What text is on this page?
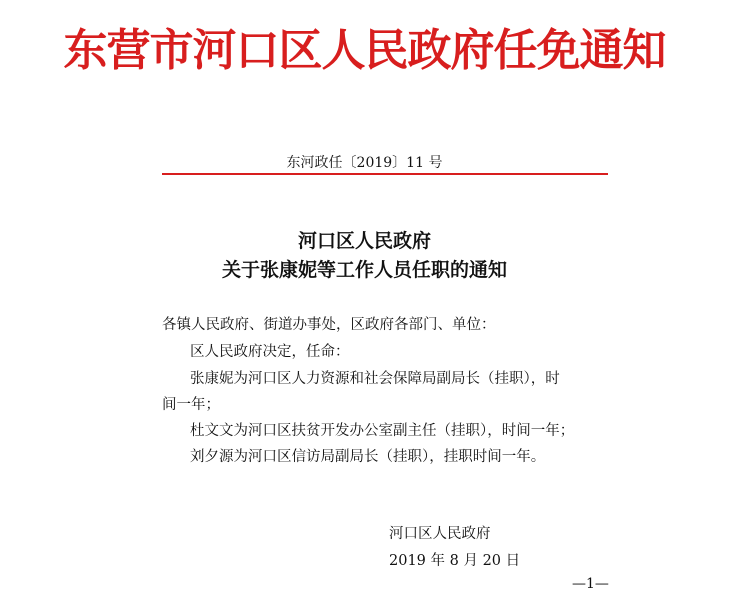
东营市河口区人民政府任免通知
东河政任〔2019〕11 号
河口区人民政府
关于张康妮等工作人员任职的通知
各镇人民政府、街道办事处，区政府各部门、单位：
区人民政府决定，任命：
张康妮为河口区人力资源和社会保障局副局长（挂职），时
间一年；
杜文文为河口区扶贫开发办公室副主任（挂职），时间一年；
刘夕源为河口区信访局副局长（挂职），挂职时间一年。
河口区人民政府
2019 年 8 月 20 日
—1—
